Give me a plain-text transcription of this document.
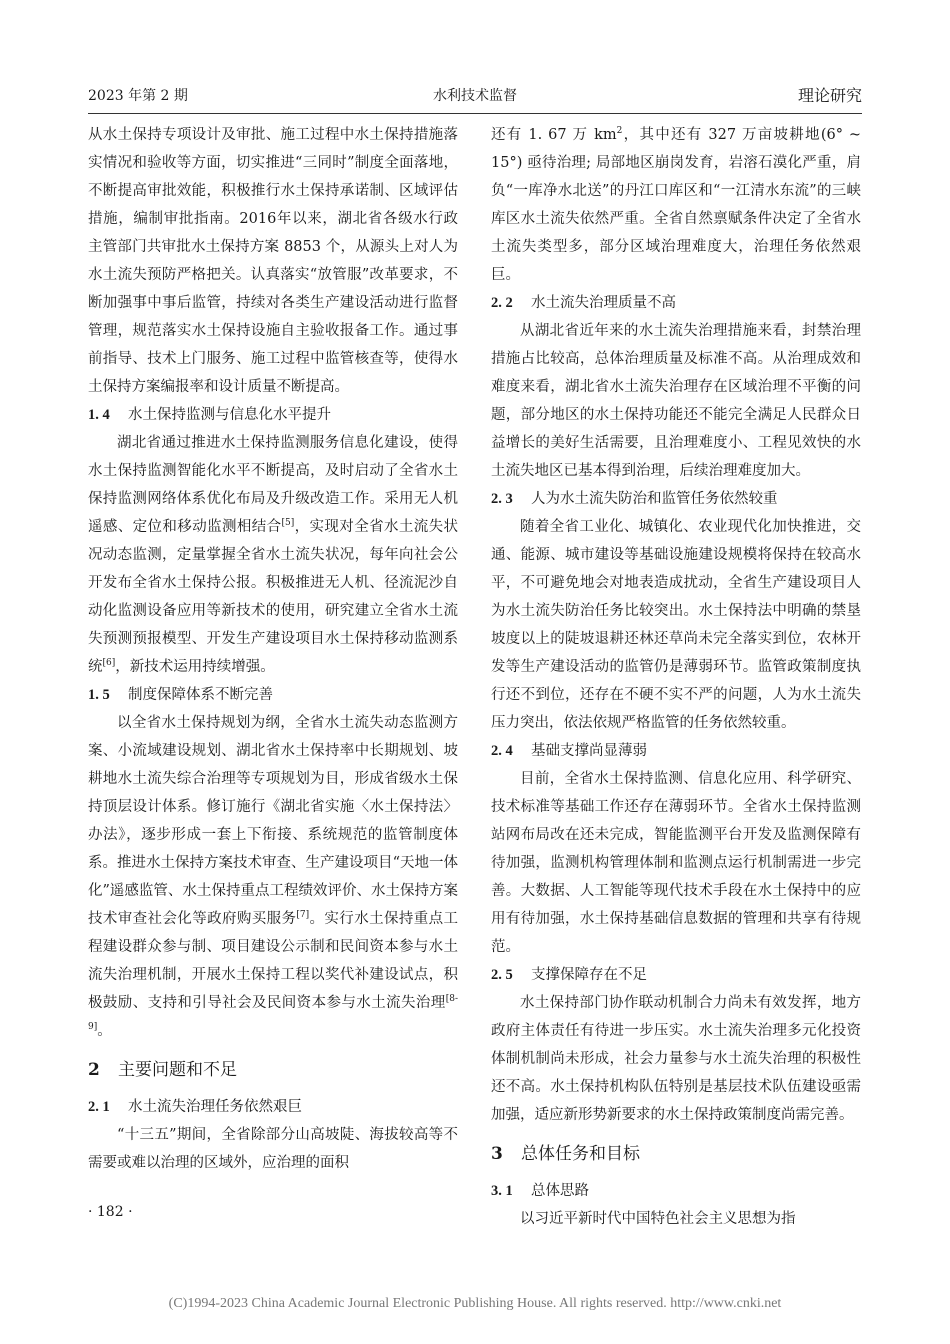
2023 年第 2 期	水利技术监督	理论研究

从水土保持专项设计及审批、施工过程中水土保持措施落实情况和验收等方面，切实推进“三同时”制度全面落地，不断提高审批效能，积极推行水土保持承诺制、区域评估措施，编制审批指南。2016年以来，湖北省各级水行政主管部门共审批水土保持方案 8853 个，从源头上对人为水土流失预防严格把关。认真落实“放管服”改革要求，不断加强事中事后监管，持续对各类生产建设活动进行监督管理，规范落实水土保持设施自主验收报备工作。通过事前指导、技术上门服务、施工过程中监管核查等，使得水土保持方案编报率和设计质量不断提高。

1. 4 水土保持监测与信息化水平提升

湖北省通过推进水土保持监测服务信息化建设，使得水土保持监测智能化水平不断提高，及时启动了全省水土保持监测网络体系优化布局及升级改造工作。采用无人机遥感、定位和移动监测相结合[5]，实现对全省水土流失状况动态监测，定量掌握全省水土流失状况，每年向社会公开发布全省水土保持公报。积极推进无人机、径流泥沙自动化监测设备应用等新技术的使用，研究建立全省水土流失预测预报模型、开发生产建设项目水土保持移动监测系统[6]，新技术运用持续增强。

1. 5 制度保障体系不断完善

以全省水土保持规划为纲，全省水土流失动态监测方案、小流域建设规划、湖北省水土保持率中长期规划、坡耕地水土流失综合治理等专项规划为目，形成省级水土保持顶层设计体系。修订施行《湖北省实施〈水土保持法〉办法》，逐步形成一套上下衔接、系统规范的监管制度体系。推进水土保持方案技术审查、生产建设项目“天地一体化”遥感监管、水土保持重点工程绩效评价、水土保持方案技术审查社会化等政府购买服务[7]。实行水土保持重点工程建设群众参与制、项目建设公示制和民间资本参与水土流失治理机制，开展水土保持工程以奖代补建设试点，积极鼓励、支持和引导社会及民间资本参与水土流失治理[8-9]。

2 主要问题和不足

2. 1 水土流失治理任务依然艰巨

“十三五”期间，全省除部分山高坡陡、海拔较高等不需要或难以治理的区域外，应治理的面积

还有 1. 67 万 $km^2$，其中还有 327 万亩坡耕地(6° ~ 15°) 亟待治理; 局部地区崩岗发育，岩溶石漠化严重，肩负“一库净水北送”的丹江口库区和“一江清水东流”的三峡库区水土流失依然严重。全省自然禀赋条件决定了全省水土流失类型多，部分区域治理难度大，治理任务依然艰巨。

2. 2 水土流失治理质量不高

从湖北省近年来的水土流失治理措施来看，封禁治理措施占比较高，总体治理质量及标准不高。从治理成效和难度来看，湖北省水土流失治理存在区域治理不平衡的问题，部分地区的水土保持功能还不能完全满足人民群众日益增长的美好生活需要，且治理难度小、工程见效快的水土流失地区已基本得到治理，后续治理难度加大。

2. 3 人为水土流失防治和监管任务依然较重

随着全省工业化、城镇化、农业现代化加快推进，交通、能源、城市建设等基础设施建设规模将保持在较高水平，不可避免地会对地表造成扰动，全省生产建设项目人为水土流失防治任务比较突出。水土保持法中明确的禁垦坡度以上的陡坡退耕还林还草尚未完全落实到位，农林开发等生产建设活动的监管仍是薄弱环节。监管政策制度执行还不到位，还存在不硬不实不严的问题，人为水土流失压力突出，依法依规严格监管的任务依然较重。

2. 4 基础支撑尚显薄弱

目前，全省水土保持监测、信息化应用、科学研究、技术标准等基础工作还存在薄弱环节。全省水土保持监测站网布局改在还未完成，智能监测平台开发及监测保障有待加强，监测机构管理体制和监测点运行机制需进一步完善。大数据、人工智能等现代技术手段在水土保持中的应用有待加强，水土保持基础信息数据的管理和共享有待规范。

2. 5 支撑保障存在不足

水土保持部门协作联动机制合力尚未有效发挥，地方政府主体责任有待进一步压实。水土流失治理多元化投资体制机制尚未形成，社会力量参与水土流失治理的积极性还不高。水土保持机构队伍特别是基层技术队伍建设亟需加强，适应新形势新要求的水土保持政策制度尚需完善。

3 总体任务和目标

3. 1 总体思路

以习近平新时代中国特色社会主义思想为指

· 182 ·
(C)1994-2023 China Academic Journal Electronic Publishing House. All rights reserved. http://www.cnki.net
